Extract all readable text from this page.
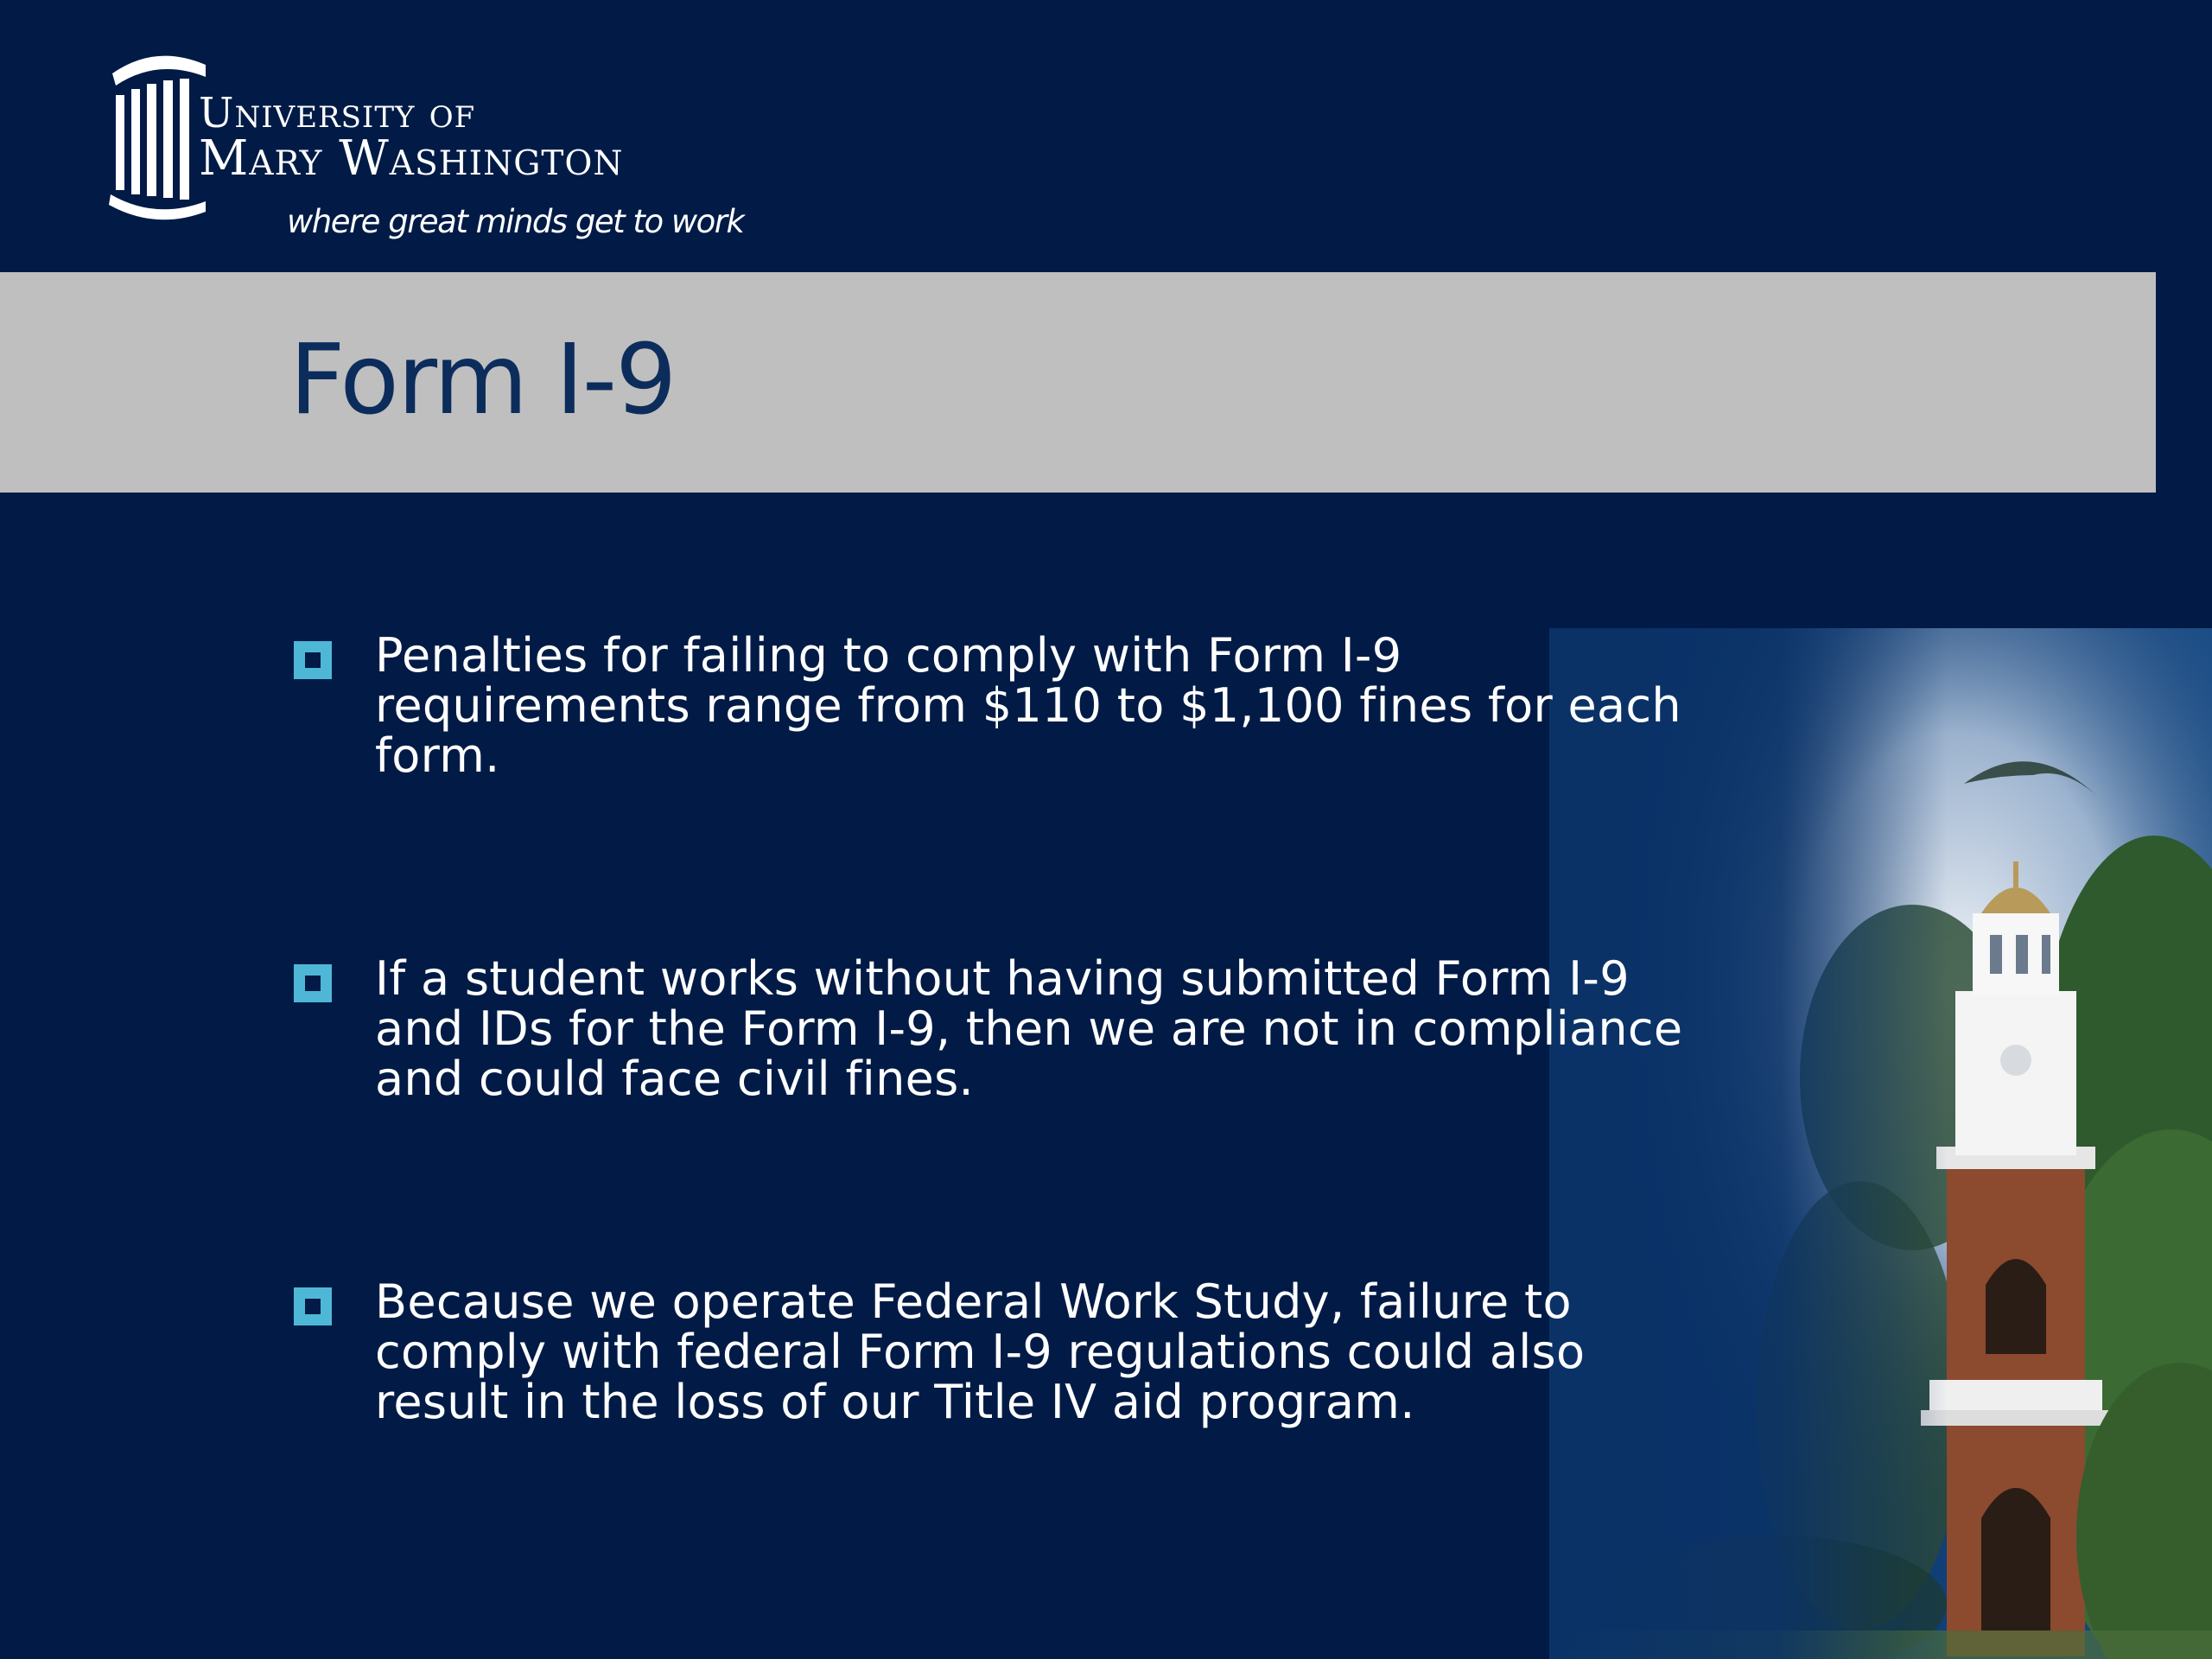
University of
Mary Washington
where great minds get to work
Form I-9
Penalties for failing to comply with Form I-9 requirements range from $110 to $1,100 fines for each form.
If a student works without having submitted Form I-9 and IDs for the Form I-9, then we are not in compliance and could face civil fines.
Because we operate Federal Work Study, failure to comply with federal Form I-9 regulations could also result in the loss of our Title IV aid program.
